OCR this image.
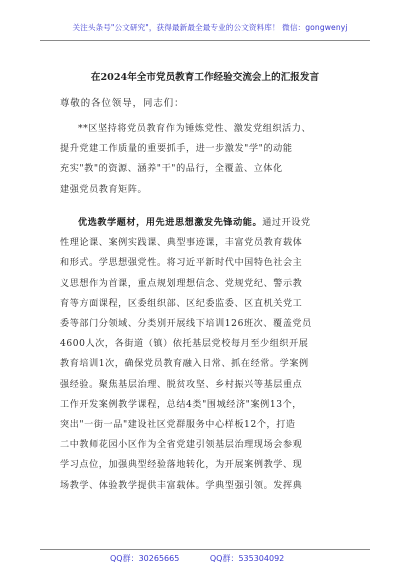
关注头条号"公文研究"，获得最新最全最专业的公文资料库！ 微信：gongwenyj
在2024年全市党员教育工作经验交流会上的汇报发言
尊敬的各位领导，同志们：
**区坚持将党员教育作为锤炼党性、激发党组织活力、
提升党建工作质量的重要抓手，进一步激发"学"的动能
充实"教"的资源、涵养"干"的品行，全覆盖、立体化
建强党员教育矩阵。
优选教学题材，用先进思想激发先锋动能。通过开设党
性理论课、案例实践课、典型事迹课，丰富党员教育载体
和形式。学思想强党性。将习近平新时代中国特色社会主
义思想作为首课，重点规划理想信念、党规党纪、警示教
育等方面课程，区委组织部、区纪委监委、区直机关党工
委等部门分领域、分类别开展线下培训126班次、覆盖党员
4600人次，各街道（镇）依托基层党校每月至少组织开展
教育培训1次，确保党员教育融入日常、抓在经常。学案例
强经验。聚焦基层治理、脱贫攻坚、乡村振兴等基层重点
工作开发案例教学课程，总结4类"围城经济"案例13个，
突出"一街一品"建设社区党群服务中心样板12个，打造
二中教师花园小区作为全省党建引领基层治理现场会参观
学习点位，加强典型经验落地转化，为开展案例教学、现
场教学、体验教学提供丰富载体。学典型强引领。发挥典
QQ群：30265665	QQ群：535304092
